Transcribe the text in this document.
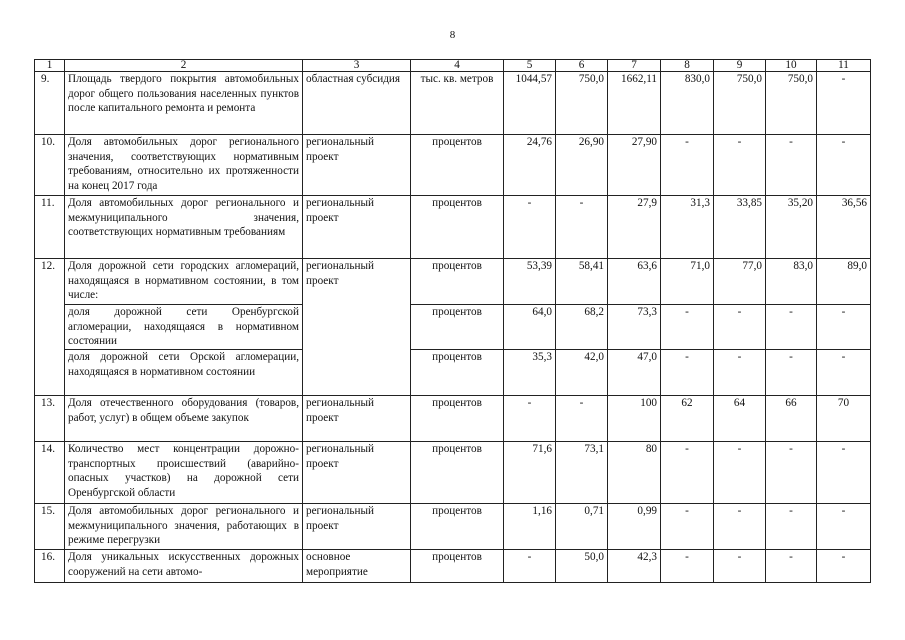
8
1	2	3	4	5	6	7	8	9	10	11
9.	Площадь твердого покрытия автомобильных дорог общего пользования населенных пунктов после капитального ремонта и ремонта	областная субсидия	тыс. кв. метров	1044,57	750,0	1662,11	830,0	750,0	750,0	-
10.	Доля автомобильных дорог регионального значения, соответствующих нормативным требованиям, относительно их протяженности на конец 2017 года	региональный проект	процентов	24,76	26,90	27,90	-	-	-	-
11.	Доля автомобильных дорог регионального и межмуниципального значения, соответствующих нормативным требованиям	региональный проект	процентов	-	-	27,9	31,3	33,85	35,20	36,56
12.	Доля дорожной сети городских агломераций, находящаяся в нормативном состоянии, в том числе:	региональный проект	процентов	53,39	58,41	63,6	71,0	77,0	83,0	89,0
	доля дорожной сети Оренбургской агломерации, находящаяся в нормативном состоянии		процентов	64,0	68,2	73,3	-	-	-	-
	доля дорожной сети Орской агломерации, находящаяся в нормативном состоянии		процентов	35,3	42,0	47,0	-	-	-	-
13.	Доля отечественного оборудования (товаров, работ, услуг) в общем объеме закупок	региональный проект	процентов	-	-	100	62	64	66	70
14.	Количество мест концентрации дорожно-транспортных происшествий (аварийно-опасных участков) на дорожной сети Оренбургской области	региональный проект	процентов	71,6	73,1	80	-	-	-	-
15.	Доля автомобильных дорог регионального и межмуниципального значения, работающих в режиме перегрузки	региональный проект	процентов	1,16	0,71	0,99	-	-	-	-
16.	Доля уникальных искусственных дорожных сооружений на сети автомо-	основное мероприятие	процентов	-	50,0	42,3	-	-	-	-
